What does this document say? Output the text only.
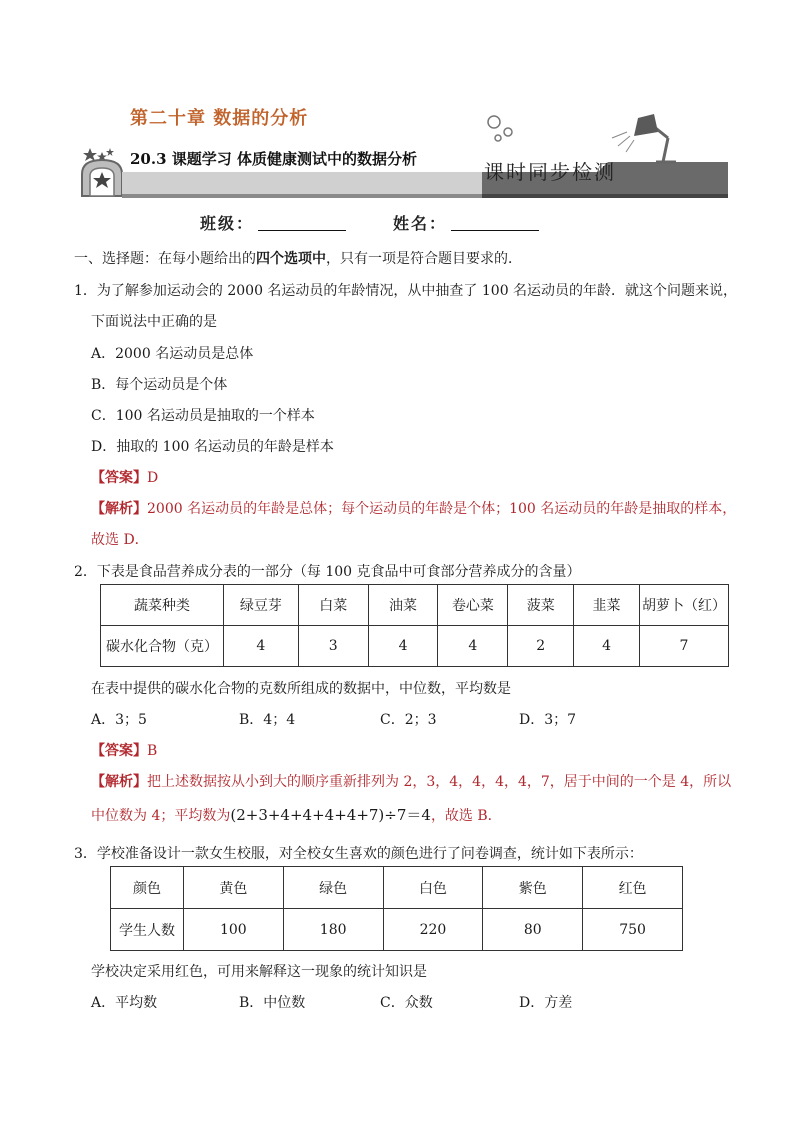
第二十章 数据的分析
20.3 课题学习 体质健康测试中的数据分析
课时同步检测
班级：	姓名：
一、选择题：在每小题给出的四个选项中，只有一项是符合题目要求的．
1．为了解参加运动会的 2000 名运动员的年龄情况，从中抽查了 100 名运动员的年龄．就这个问题来说，
下面说法中正确的是
A．2000 名运动员是总体
B．每个运动员是个体
C．100 名运动员是抽取的一个样本
D．抽取的 100 名运动员的年龄是样本
【答案】D
【解析】2000 名运动员的年龄是总体；每个运动员的年龄是个体；100 名运动员的年龄是抽取的样本，
故选 D．
2．下表是食品营养成分表的一部分（每 100 克食品中可食部分营养成分的含量）
蔬菜种类	绿豆芽	白菜	油菜	卷心菜	菠菜	韭菜	胡萝卜（红）
碳水化合物（克）	4	3	4	4	2	4	7
在表中提供的碳水化合物的克数所组成的数据中，中位数，平均数是
A．3；5	B．4；4	C．2；3	D．3；7
【答案】B
【解析】把上述数据按从小到大的顺序重新排列为 2，3，4，4，4，4，7，居于中间的一个是 4，所以
中位数为 4；平均数为(2+3+4+4+4+4+7)÷7＝4，故选 B．
3．学校准备设计一款女生校服，对全校女生喜欢的颜色进行了问卷调查，统计如下表所示：
颜色	黄色	绿色	白色	紫色	红色
学生人数	100	180	220	80	750
学校决定采用红色，可用来解释这一现象的统计知识是
A．平均数	B．中位数	C．众数	D．方差
